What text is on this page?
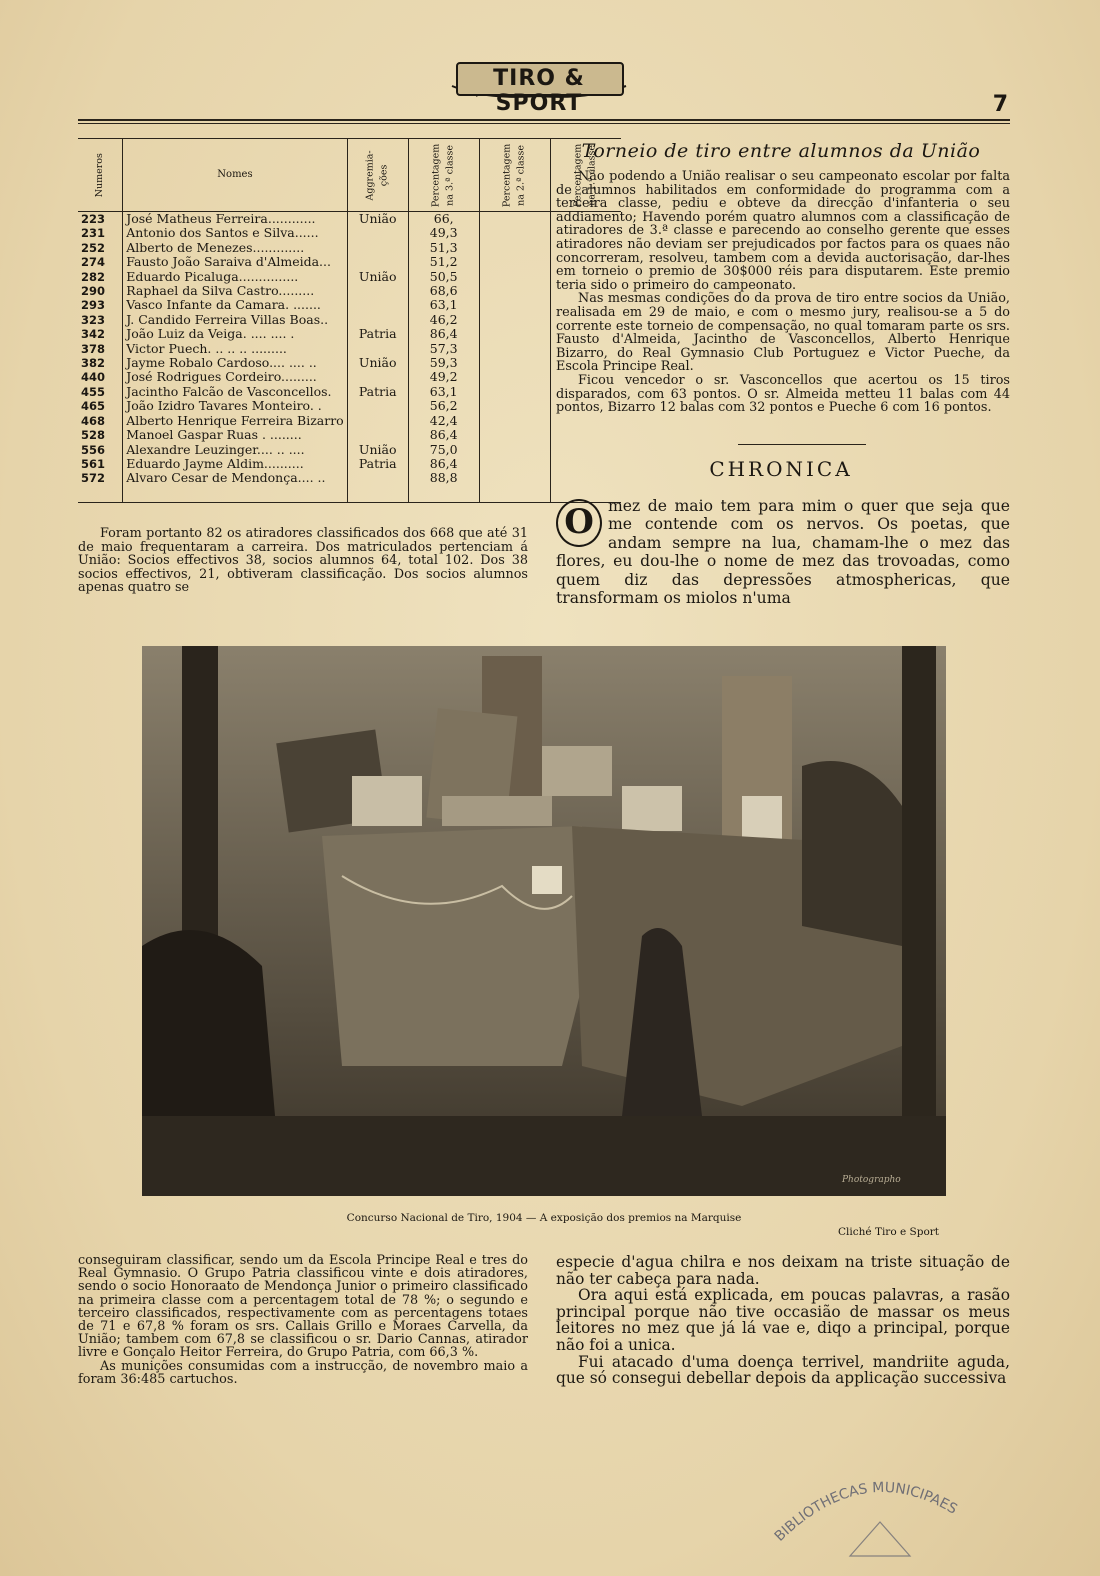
TIRO & SPORT	7
Numeros	Nomes	Aggremia-ções	Percentagem na 3.ª classe	Percentagem na 2.ª classe	Percentagem na 1.ª classe
223	José Matheus Ferreira............	União	66,		
231	Antonio dos Santos e Silva......		49,3		
252	Alberto de Menezes.............		51,3		
274	Fausto João Saraiva d'Almeida...		51,2		
282	Eduardo Picaluga...............	União	50,5		
290	Raphael da Silva Castro.........		68,6		
293	Vasco Infante da Camara. .......		63,1		
323	J. Candido Ferreira Villas Boas..		46,2		
342	João Luiz da Veiga. .... .... .	Patria	86,4		
378	Victor Puech. .. .. .. .........		57,3		
382	Jayme Robalo Cardoso.... .... ..	União	59,3		
440	José Rodrigues Cordeiro.........		49,2		
455	Jacintho Falcão de Vasconcellos.	Patria	63,1		
465	João Izidro Tavares Monteiro. .		56,2		
468	Alberto Henrique Ferreira Bizarro		42,4		
528	Manoel Gaspar Ruas . ........		86,4		
556	Alexandre Leuzinger.... .. ....	União	75,0		
561	Eduardo Jayme Aldim..........	Patria	86,4		
572	Alvaro Cesar de Mendonça.... ..		88,8		

Foram portanto 82 os atiradores classificados dos 668 que até 31 de maio frequentaram a carreira. Dos matriculados pertenciam á União: Socios effectivos 38, socios alumnos 64, total 102. Dos 38 socios effectivos, 21, obtiveram classificação. Dos socios alumnos apenas quatro se

Torneio de tiro entre alumnos da União

Não podendo a União realisar o seu campeonato escolar por falta de alumnos habilitados em conformidade do programma com a terceira classe, pediu e obteve da direcção d'infanteria o seu addiamento; Havendo porém quatro alumnos com a classificação de atiradores de 3.ª classe e parecendo ao conselho gerente que esses atiradores não deviam ser prejudicados por factos para os quaes não concorreram, resolveu, tambem com a devida auctorisação, dar-lhes em torneio o premio de 30$000 réis para disputarem. Este premio teria sido o primeiro do campeonato.

Nas mesmas condições do da prova de tiro entre socios da União, realisada em 29 de maio, e com o mesmo jury, realisou-se a 5 do corrente este torneio de compensação, no qual tomaram parte os srs. Fausto d'Almeida, Jacintho de Vasconcellos, Alberto Henrique Bizarro, do Real Gymnasio Club Portuguez e Victor Pueche, da Escola Principe Real.

Ficou vencedor o sr. Vasconcellos que acertou os 15 tiros disparados, com 63 pontos. O sr. Almeida metteu 11 balas com 44 pontos, Bizarro 12 balas com 32 pontos e Pueche 6 com 16 pontos.

CHRONICA
O mez de maio tem para mim o quer que seja que me contende com os nervos. Os poetas, que andam sempre na lua, chamam-lhe o mez das flores, eu dou-lhe o nome de mez das trovoadas, como quem diz das depressões atmosphericas, que transformam os miolos n'uma
Photographo
Concurso Nacional de Tiro, 1904 — A exposição dos premios na Marquise
Cliché Tiro e Sport

conseguiram classificar, sendo um da Escola Principe Real e tres do Real Gymnasio. O Grupo Patria classificou vinte e dois atiradores, sendo o socio Honoraato de Mendonça Junior o primeiro classificado na primeira classe com a percentagem total de 78 %; o segundo e terceiro classificados, respectivamente com as percentagens totaes de 71 e 67,8 % foram os srs. Callais Grillo e Moraes Carvella, da União; tambem com 67,8 se classificou o sr. Dario Cannas, atirador livre e Gonçalo Heitor Ferreira, do Grupo Patria, com 66,3 %.

As munições consumidas com a instrucção, de novembro maio a foram 36:485 cartuchos.

especie d'agua chilra e nos deixam na triste situação de não ter cabeça para nada.

Ora aqui está explicada, em poucas palavras, a rasão principal porque não tive occasião de massar os meus leitores no mez que já lá vae e, diqo a principal, porque não foi a unica.

Fui atacado d'uma doença terrivel, mandriite aguda, que só consegui debellar depois da applicação successiva

BIBLIOTHECAS MUNICIPAES
